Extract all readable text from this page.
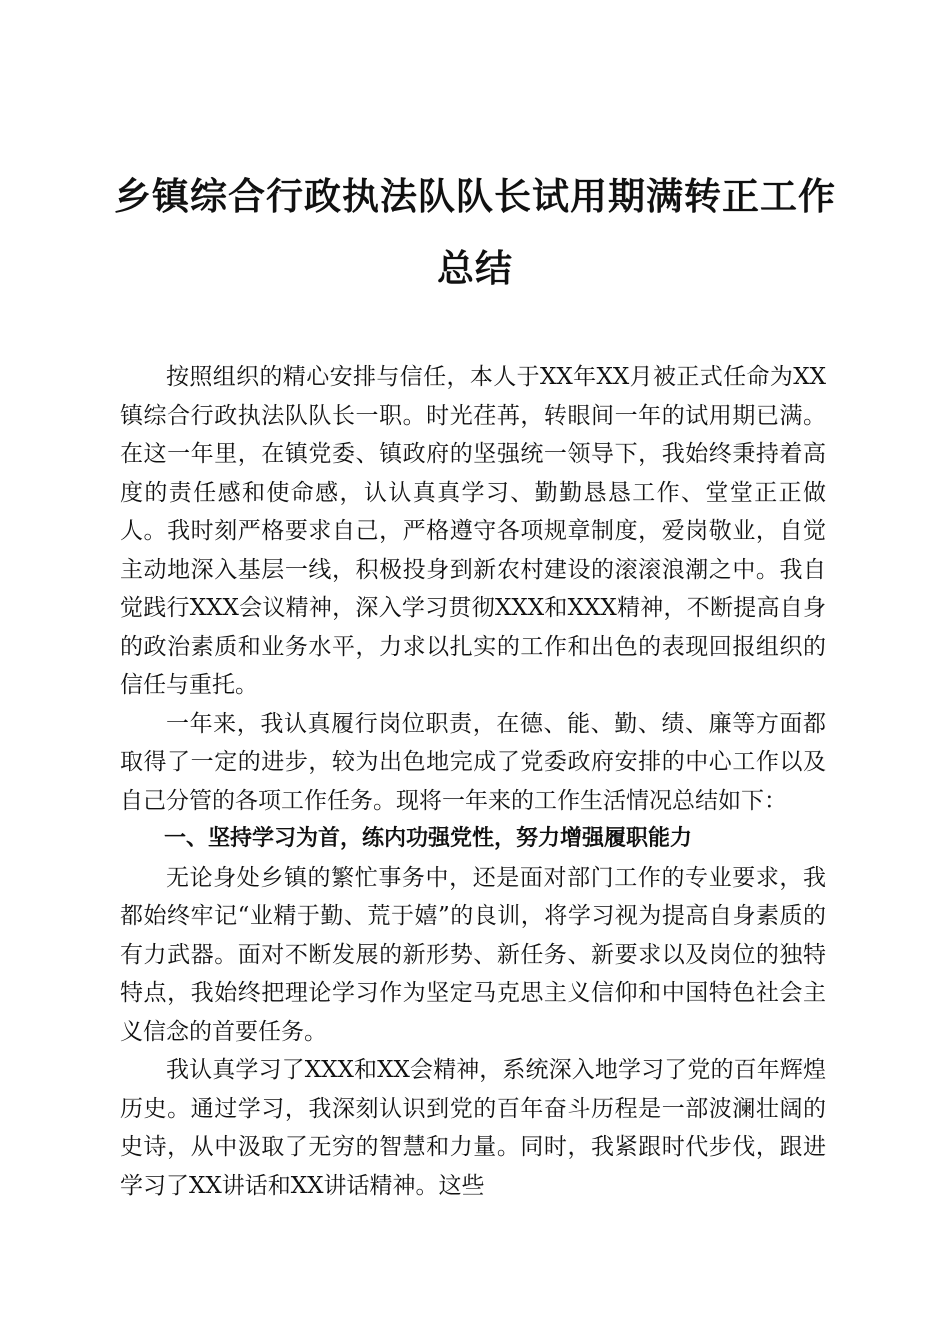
乡镇综合行政执法队队长试用期满转正工作总结

按照组织的精心安排与信任，本人于XX年XX月被正式任命为XX镇综合行政执法队队长一职。时光荏苒，转眼间一年的试用期已满。在这一年里，在镇党委、镇政府的坚强统一领导下，我始终秉持着高度的责任感和使命感，认认真真学习、勤勤恳恳工作、堂堂正正做人。我时刻严格要求自己，严格遵守各项规章制度，爱岗敬业，自觉主动地深入基层一线，积极投身到新农村建设的滚滚浪潮之中。我自觉践行XXX会议精神，深入学习贯彻XXX和XXX精神，不断提高自身的政治素质和业务水平，力求以扎实的工作和出色的表现回报组织的信任与重托。

一年来，我认真履行岗位职责，在德、能、勤、绩、廉等方面都取得了一定的进步，较为出色地完成了党委政府安排的中心工作以及自己分管的各项工作任务。现将一年来的工作生活情况总结如下：

一、坚持学习为首，练内功强党性，努力增强履职能力

无论身处乡镇的繁忙事务中，还是面对部门工作的专业要求，我都始终牢记“业精于勤、荒于嬉”的良训，将学习视为提高自身素质的有力武器。面对不断发展的新形势、新任务、新要求以及岗位的独特特点，我始终把理论学习作为坚定马克思主义信仰和中国特色社会主义信念的首要任务。

我认真学习了XXX和XX会精神，系统深入地学习了党的百年辉煌历史。通过学习，我深刻认识到党的百年奋斗历程是一部波澜壮阔的史诗，从中汲取了无穷的智慧和力量。同时，我紧跟时代步伐，跟进学习了XX讲话和XX讲话精神。这些
